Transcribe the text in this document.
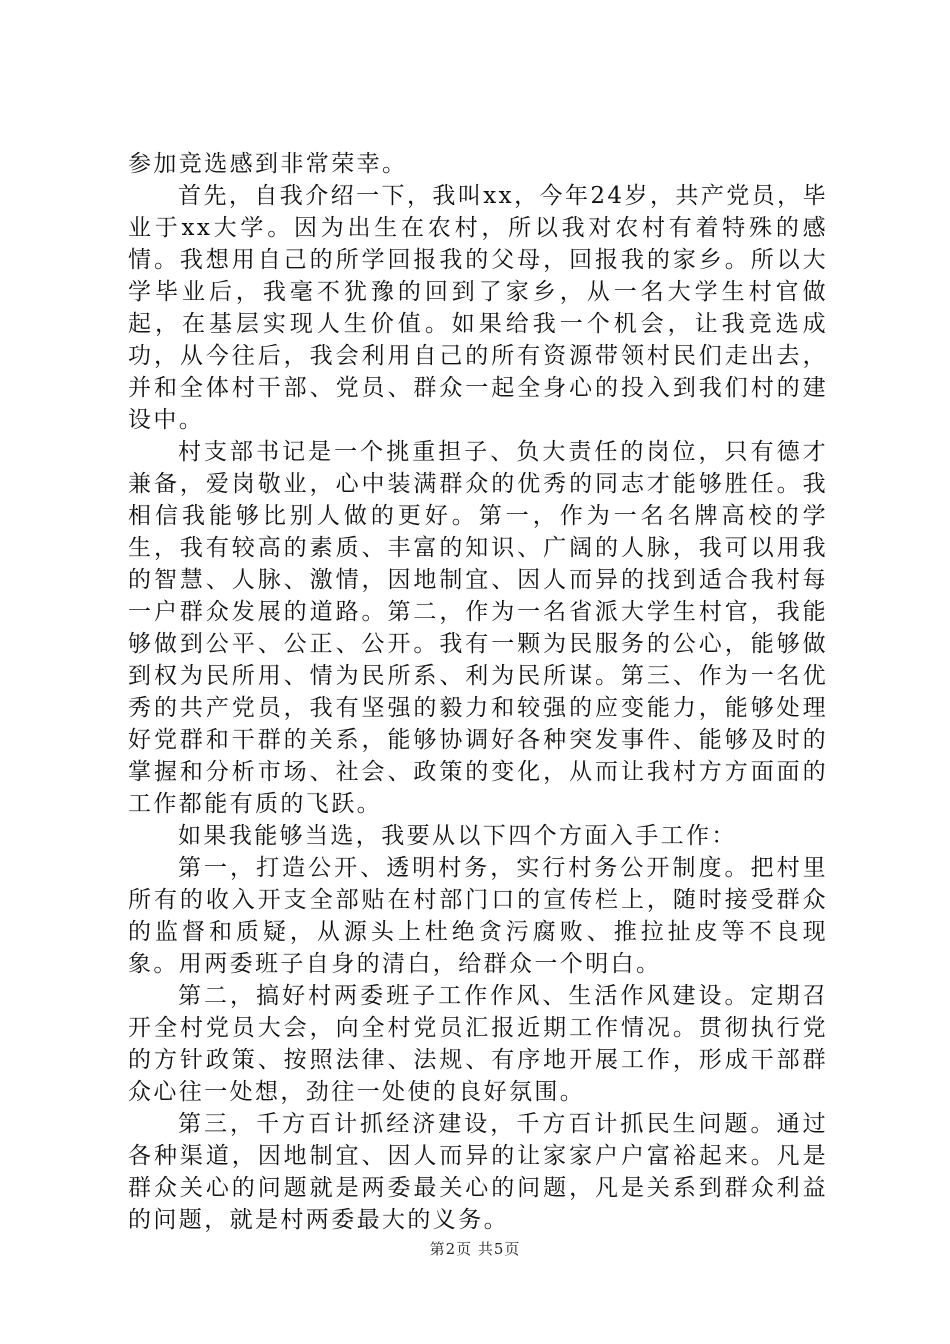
参加竞选感到非常荣幸。

首先，自我介绍一下，我叫xx，今年24岁，共产党员，毕业于xx大学。因为出生在农村，所以我对农村有着特殊的感情。我想用自己的所学回报我的父母，回报我的家乡。所以大学毕业后，我毫不犹豫的回到了家乡，从一名大学生村官做起，在基层实现人生价值。如果给我一个机会，让我竞选成功，从今往后，我会利用自己的所有资源带领村民们走出去，并和全体村干部、党员、群众一起全身心的投入到我们村的建设中。

村支部书记是一个挑重担子、负大责任的岗位，只有德才兼备，爱岗敬业，心中装满群众的优秀的同志才能够胜任。我相信我能够比别人做的更好。第一，作为一名名牌高校的学生，我有较高的素质、丰富的知识、广阔的人脉，我可以用我的智慧、人脉、激情，因地制宜、因人而异的找到适合我村每一户群众发展的道路。第二，作为一名省派大学生村官，我能够做到公平、公正、公开。我有一颗为民服务的公心，能够做到权为民所用、情为民所系、利为民所谋。第三、作为一名优秀的共产党员，我有坚强的毅力和较强的应变能力，能够处理好党群和干群的关系，能够协调好各种突发事件、能够及时的掌握和分析市场、社会、政策的变化，从而让我村方方面面的工作都能有质的飞跃。

如果我能够当选，我要从以下四个方面入手工作：

第一，打造公开、透明村务，实行村务公开制度。把村里所有的收入开支全部贴在村部门口的宣传栏上，随时接受群众的监督和质疑，从源头上杜绝贪污腐败、推拉扯皮等不良现象。用两委班子自身的清白，给群众一个明白。

第二，搞好村两委班子工作作风、生活作风建设。定期召开全村党员大会，向全村党员汇报近期工作情况。贯彻执行党的方针政策、按照法律、法规、有序地开展工作，形成干部群众心往一处想，劲往一处使的良好氛围。

第三，千方百计抓经济建设，千方百计抓民生问题。通过各种渠道，因地制宜、因人而异的让家家户户富裕起来。凡是群众关心的问题就是两委最关心的问题，凡是关系到群众利益的问题，就是村两委最大的义务。

第2页 共5页
